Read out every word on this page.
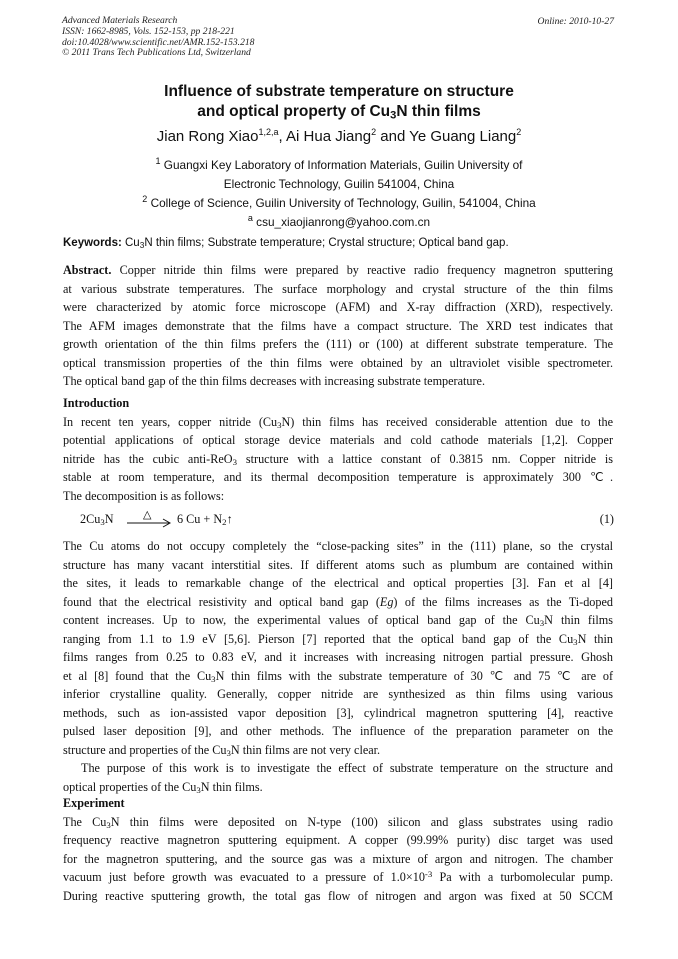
Advanced Materials Research
ISSN: 1662-8985, Vols. 152-153, pp 218-221
doi:10.4028/www.scientific.net/AMR.152-153.218
© 2011 Trans Tech Publications Ltd, Switzerland
Online: 2010-10-27
Influence of substrate temperature on structure
and optical property of $Cu_3N$ thin films
Jian Rong Xiao$^{1,2,a}$, Ai Hua Jiang$^2$ and Ye Guang Liang$^2$
$^1$ Guangxi Key Laboratory of Information Materials, Guilin University of
Electronic Technology, Guilin 541004, China
$^2$ College of Science, Guilin University of Technology, Guilin, 541004, China
$^a$ csu_xiaojianrong@yahoo.com.cn
Keywords: $Cu_3N$ thin films; Substrate temperature; Crystal structure; Optical band gap.
Abstract. Copper nitride thin films were prepared by reactive radio frequency magnetron sputtering
at various substrate temperatures. The surface morphology and crystal structure of the thin films
were characterized by atomic force microscope (AFM) and X-ray diffraction (XRD), respectively.
The AFM images demonstrate that the films have a compact structure. The XRD test indicates that
growth orientation of the thin films prefers the (111) or (100) at different substrate temperature. The
optical transmission properties of the thin films were obtained by an ultraviolet visible spectrometer.
The optical band gap of the thin films decreases with increasing substrate temperature.
Introduction
In recent ten years, copper nitride $(Cu_3N)$ thin films has received considerable attention due to the
potential applications of optical storage device materials and cold cathode materials [1,2]. Copper
nitride has the cubic anti-ReO$_3$ structure with a lattice constant of 0.3815 nm. Copper nitride is
stable at room temperature, and its thermal decomposition temperature is approximately 300 ℃.
The decomposition is as follows:
$2Cu_3N$	△ 6 $Cu + N_2↑$	(1)
The Cu atoms do not occupy completely the “close-packing sites” in the (111) plane, so the crystal
structure has many vacant interstitial sites. If different atoms such as plumbum are contained within
the sites, it leads to remarkable change of the electrical and optical properties [3]. Fan et al [4]
found that the electrical resistivity and optical band gap (Eg) of the films increases as the Ti-doped
content increases. Up to now, the experimental values of optical band gap of the $Cu_3N$ thin films
ranging from 1.1 to 1.9 eV [5,6]. Pierson [7] reported that the optical band gap of the $Cu_3N$ thin
films ranges from 0.25 to 0.83 eV, and it increases with increasing nitrogen partial pressure. Ghosh
et al [8] found that the $Cu_3N$ thin films with the substrate temperature of 30 ℃ and 75 ℃ are of
inferior crystalline quality. Generally, copper nitride are synthesized as thin films using various
methods, such as ion-assisted vapor deposition [3], cylindrical magnetron sputtering [4], reactive
pulsed laser deposition [9], and other methods. The influence of the preparation parameter on the
structure and properties of the $Cu_3N$ thin films are not very clear.
The purpose of this work is to investigate the effect of substrate temperature on the structure and
optical properties of the $Cu_3N$ thin films.
Experiment
The $Cu_3N$ thin films were deposited on N-type (100) silicon and glass substrates using radio
frequency reactive magnetron sputtering equipment. A copper (99.99% purity) disc target was used
for the magnetron sputtering, and the source gas was a mixture of argon and nitrogen. The chamber
vacuum just before growth was evacuated to a pressure of $1.0\times 10^{-3}$ Pa with a turbomolecular pump.
During reactive sputtering growth, the total gas flow of nitrogen and argon was fixed at 50 SCCM
